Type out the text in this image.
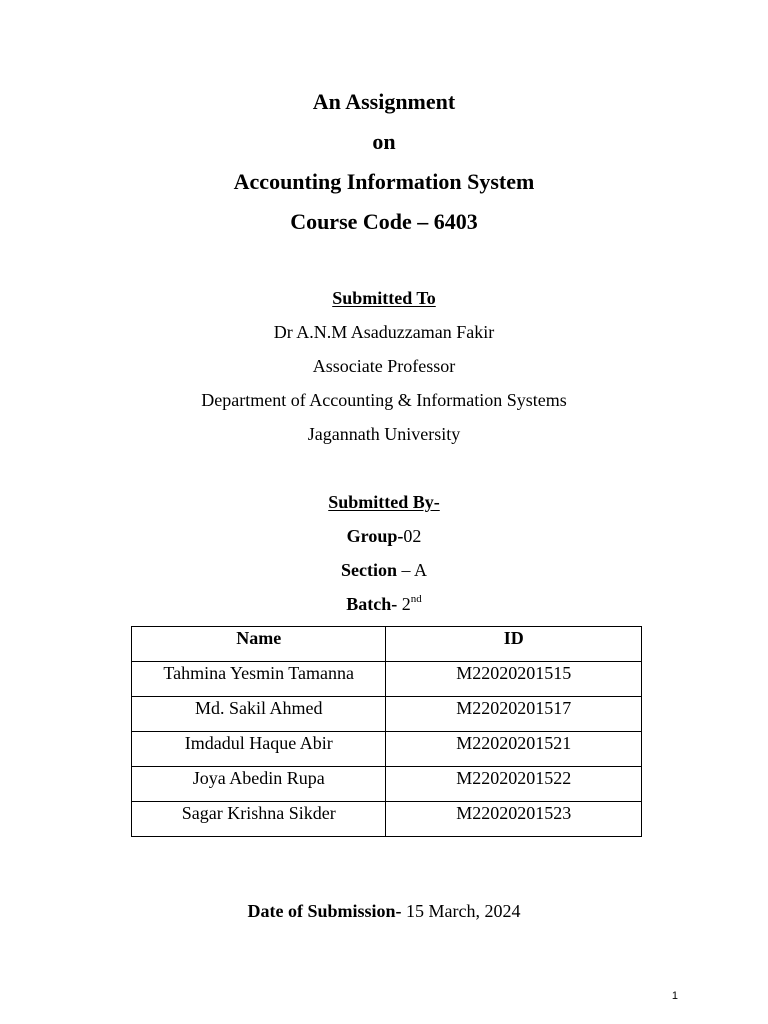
An Assignment
on
Accounting Information System
Course Code – 6403
Submitted To
Dr A.N.M Asaduzzaman Fakir
Associate Professor
Department of Accounting & Information Systems
Jagannath University
Submitted By-
Group-02
Section – A
Batch- 2nd
Name	ID
Tahmina Yesmin Tamanna	M22020201515
Md. Sakil Ahmed	M22020201517
Imdadul Haque Abir	M22020201521
Joya Abedin Rupa	M22020201522
Sagar Krishna Sikder	M22020201523
Date of Submission- 15 March, 2024
1
